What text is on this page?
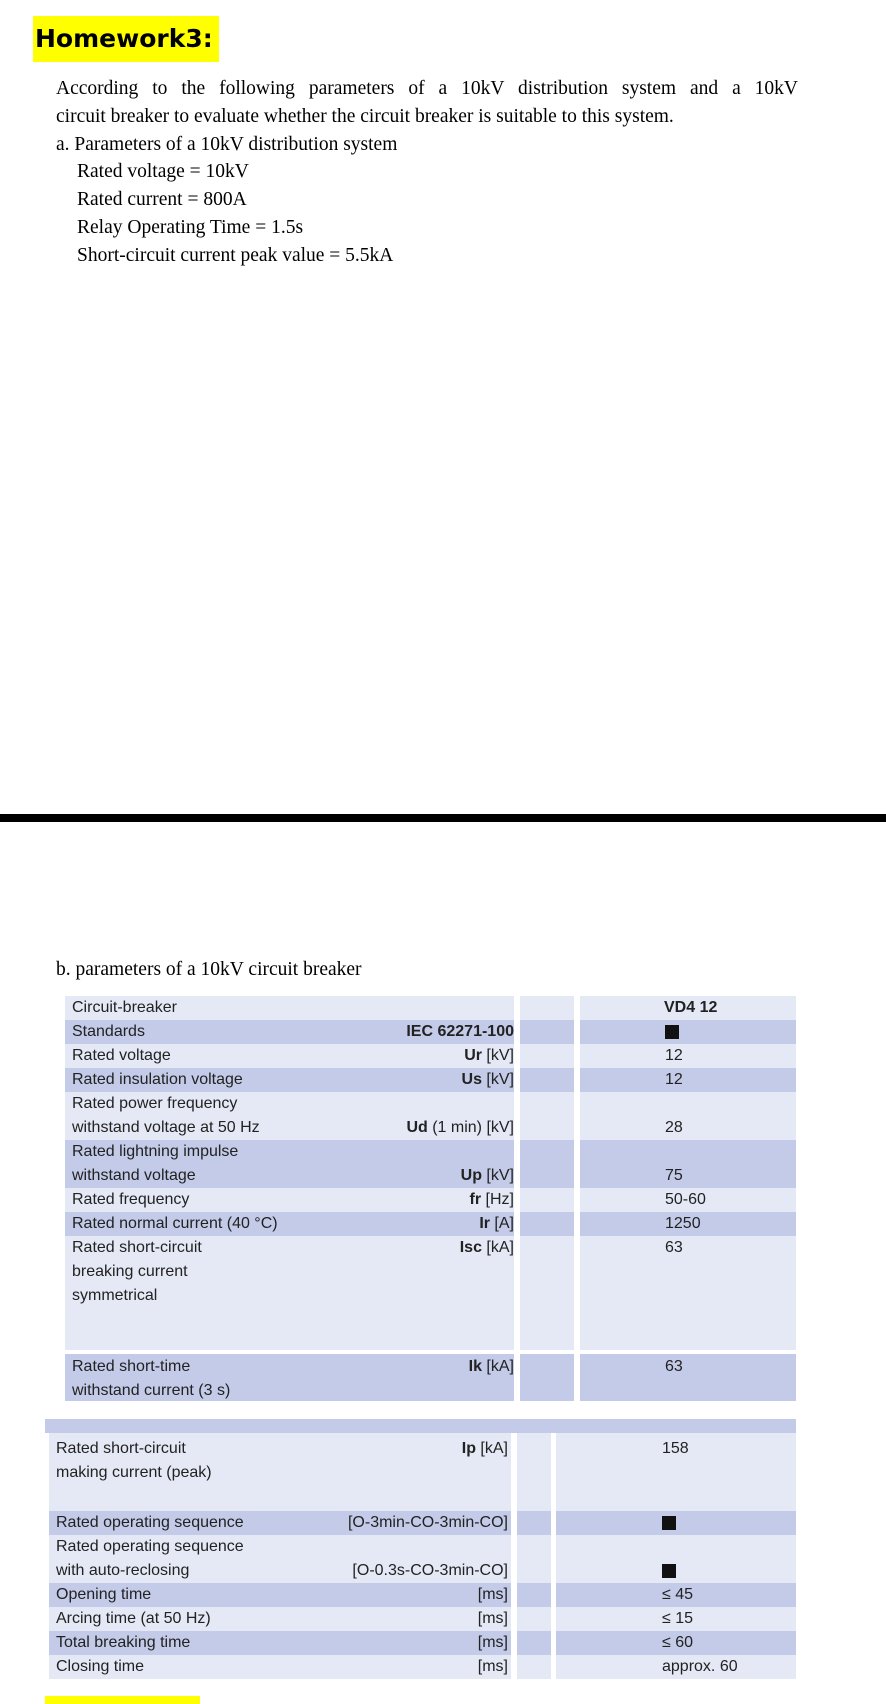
Homework3:
According to the following parameters of a 10kV distribution system and a 10kV
circuit breaker to evaluate whether the circuit breaker is suitable to this system.
a. Parameters of a 10kV distribution system
Rated voltage = 10kV
Rated current = 800A
Relay Operating Time = 1.5s
Short-circuit current peak value = 5.5kA
b. parameters of a 10kV circuit breaker
Circuit-breaker	VD4 12
Standards	IEC 62271-100
Rated voltage	Ur [kV]	12
Rated insulation voltage	Us [kV]	12
Rated power frequency
withstand voltage at 50 Hz	Ud (1 min) [kV]	28
Rated lightning impulse
withstand voltage	Up [kV]	75
Rated frequency	fr [Hz]	50-60
Rated normal current (40 °C)	Ir [A]	1250
Rated short-circuit
breaking current
symmetrical
Isc [kA]	63
Rated short-time
withstand current (3 s)
Ik [kA]	63
Rated short-circuit
making current (peak)
Ip [kA]	158
Rated operating sequence	[O-3min-CO-3min-CO]
Rated operating sequence
with auto-reclosing	[O-0.3s-CO-3min-CO]
Opening time	[ms]	≤ 45
Arcing time (at 50 Hz)	[ms]	≤ 15
Total breaking time	[ms]	≤ 60
Closing time	[ms]	approx. 60
